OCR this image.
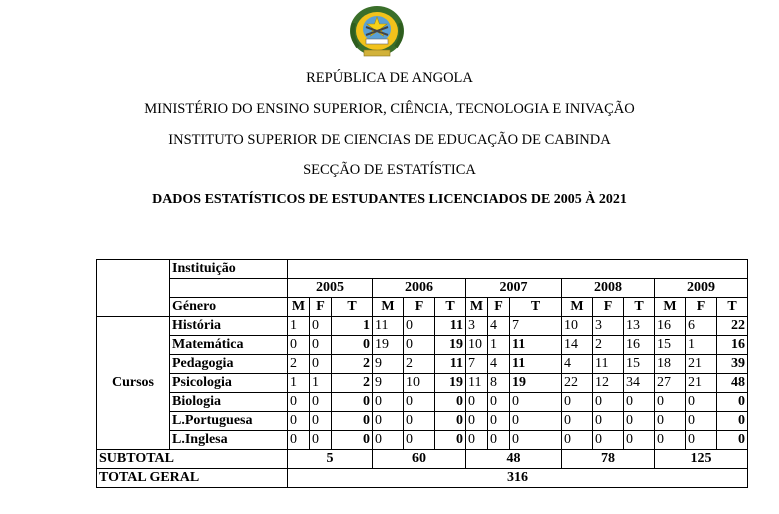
REPÚBLICA DE ANGOLA
MINISTÉRIO DO ENSINO SUPERIOR, CIÊNCIA, TECNOLOGIA E INIVAÇÃO
INSTITUTO SUPERIOR DE CIENCIAS DE EDUCAÇÃO DE CABINDA
SECÇÃO DE ESTATÍSTICA
DADOS ESTATÍSTICOS DE ESTUDANTES LICENCIADOS DE 2005 À 2021
	Instituição															
		2005			2006			2007			2008			2009		
	Género	M	F	T	M	F	T	M	F	T	M	F	T	M	F	T
Cursos	História	1	0	1	11	0	11	3	4	7	10	3	13	16	6	22
	Matemática	0	0	0	19	0	19	10	1	11	14	2	16	15	1	16
	Pedagogia	2	0	2	9	2	11	7	4	11	4	11	15	18	21	39
	Psicologia	1	1	2	9	10	19	11	8	19	22	12	34	27	21	48
	Biologia	0	0	0	0	0	0	0	0	0	0	0	0	0	0	0
	L.Portuguesa	0	0	0	0	0	0	0	0	0	0	0	0	0	0	0
	L.Inglesa	0	0	0	0	0	0	0	0	0	0	0	0	0	0	0
SUBTOTAL		5			60			48			78			125		
TOTAL GERAL		316														
